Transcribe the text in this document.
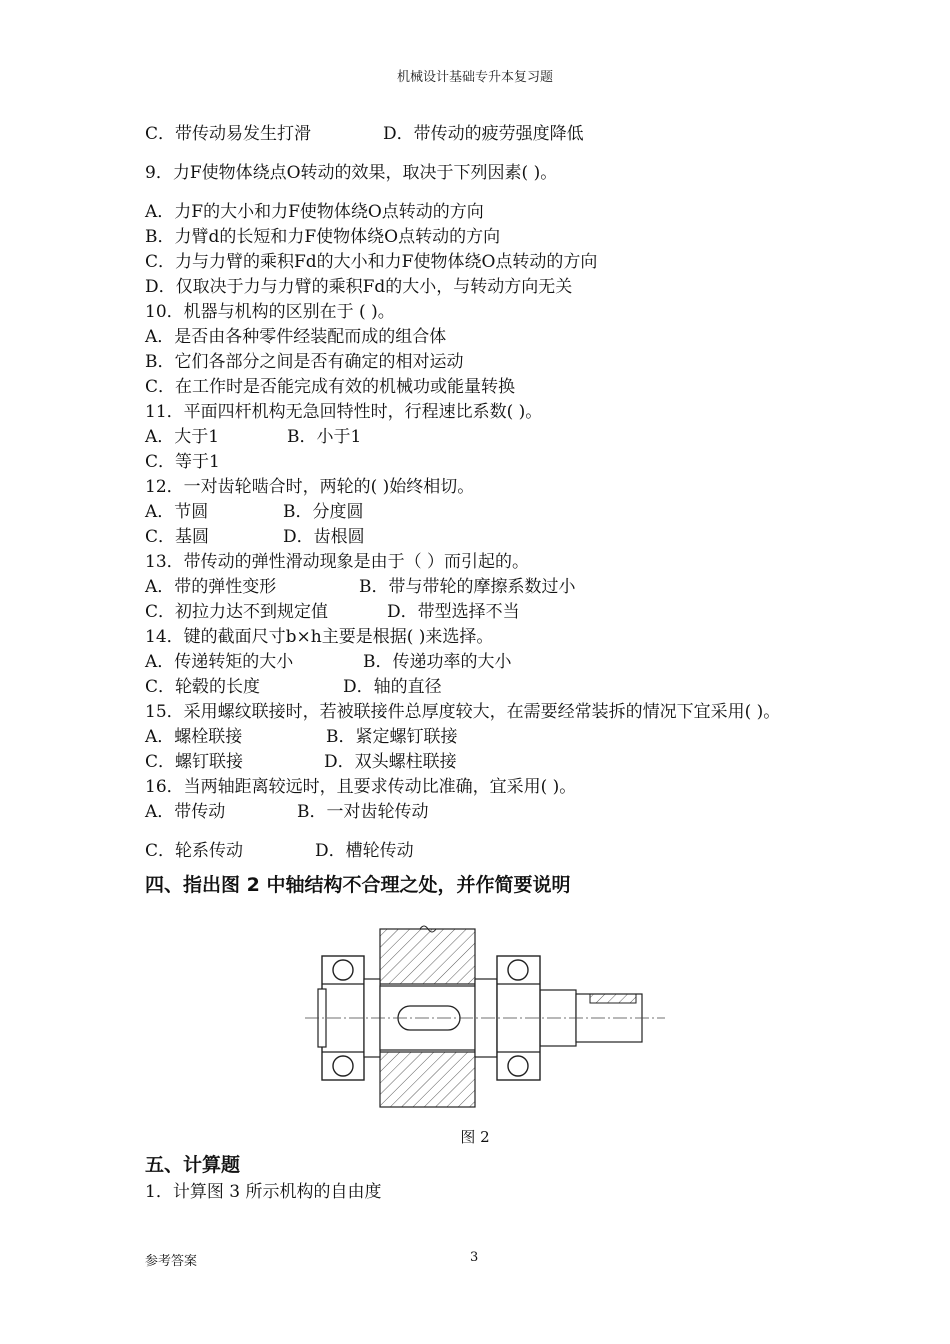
机械设计基础专升本复习题
C．带传动易发生打滑	D．带传动的疲劳强度降低
9．力F使物体绕点O转动的效果，取决于下列因素( )。
A．力F的大小和力F使物体绕O点转动的方向
B．力臂d的长短和力F使物体绕O点转动的方向
C．力与力臂的乘积Fd的大小和力F使物体绕O点转动的方向
D．仅取决于力与力臂的乘积Fd的大小，与转动方向无关
10．机器与机构的区别在于 ( )。
A．是否由各种零件经装配而成的组合体
B．它们各部分之间是否有确定的相对运动
C．在工作时是否能完成有效的机械功或能量转换
11．平面四杆机构无急回特性时，行程速比系数( )。
A．大于1	B．小于1
C．等于1
12．一对齿轮啮合时，两轮的( )始终相切。
A．节圆	B．分度圆
C．基圆	D．齿根圆
13．带传动的弹性滑动现象是由于（ ）而引起的。
A．带的弹性变形	B．带与带轮的摩擦系数过小
C．初拉力达不到规定值	D．带型选择不当
14．键的截面尺寸b×h主要是根据( )来选择。
A．传递转矩的大小	B．传递功率的大小
C．轮毂的长度	D．轴的直径
15．采用螺纹联接时，若被联接件总厚度较大，在需要经常装拆的情况下宜采用( )。
A．螺栓联接	B．紧定螺钉联接
C．螺钉联接	D．双头螺柱联接
16．当两轴距离较远时，且要求传动比准确，宜采用( )。
A．带传动	B．一对齿轮传动
C．轮系传动	D．槽轮传动
四、指出图 2 中轴结构不合理之处，并作简要说明
图 2
五、计算题
1．计算图 3 所示机构的自由度
参考答案	3
